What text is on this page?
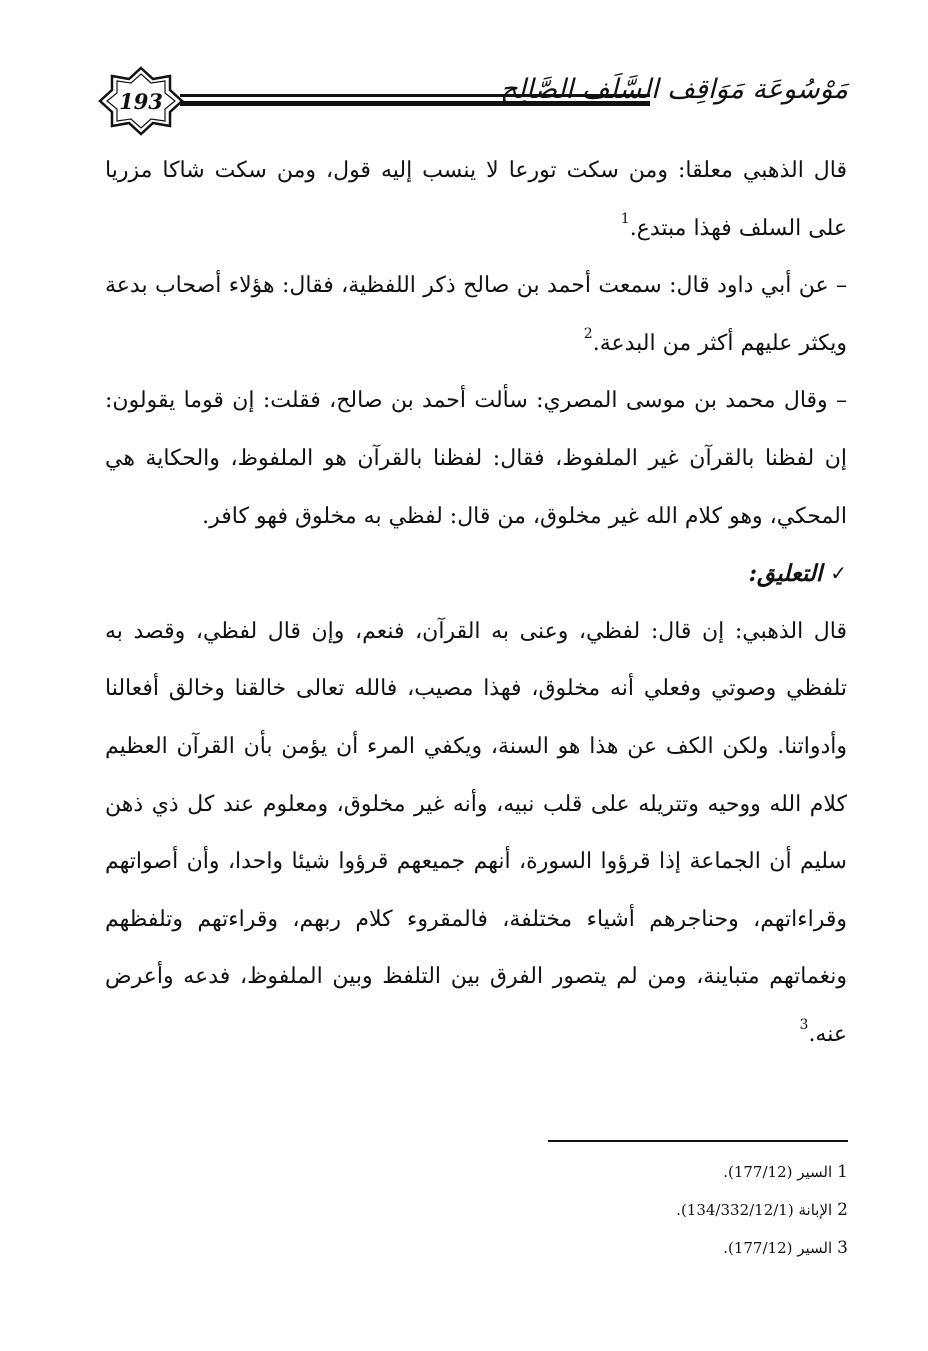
193	مَوْسُوعَة مَوَاقِف السَّلَف الصَّالِح

قال الذهبي معلقا: ومن سكت تورعا لا ينسب إليه قول، ومن سكت شاكا مزريا على السلف فهذا مبتدع.$^1$

– عن أبي داود قال: سمعت أحمد بن صالح ذكر اللفظية، فقال: هؤلاء أصحاب بدعة ويكثر عليهم أكثر من البدعة.$^2$

– وقال محمد بن موسى المصري: سألت أحمد بن صالح، فقلت: إن قوما يقولون: إن لفظنا بالقرآن غير الملفوظ، فقال: لفظنا بالقرآن هو الملفوظ، والحكاية هي المحكي، وهو كلام الله غير مخلوق، من قال: لفظي به مخلوق فهو كافر.

✓
التعليق:

قال الذهبي: إن قال: لفظي، وعنى به القرآن، فنعم، وإن قال لفظي، وقصد به تلفظي وصوتي وفعلي أنه مخلوق، فهذا مصيب، فالله تعالى خالقنا وخالق أفعالنا وأدواتنا. ولكن الكف عن هذا هو السنة، ويكفي المرء أن يؤمن بأن القرآن العظيم كلام الله ووحيه وتتريله على قلب نبيه، وأنه غير مخلوق، ومعلوم عند كل ذي ذهن سليم أن الجماعة إذا قرؤوا السورة، أنهم جميعهم قرؤوا شيئا واحدا، وأن أصواتهم وقراءاتهم، وحناجرهم أشياء مختلفة، فالمقروء كلام ربهم، وقراءتهم وتلفظهم ونغماتهم متباينة، ومن لم يتصور الفرق بين التلفظ وبين الملفوظ، فدعه وأعرض عنه.$^3$

1السير (177/12).
2الإبانة (134/332/12/1).
3السير (177/12).
